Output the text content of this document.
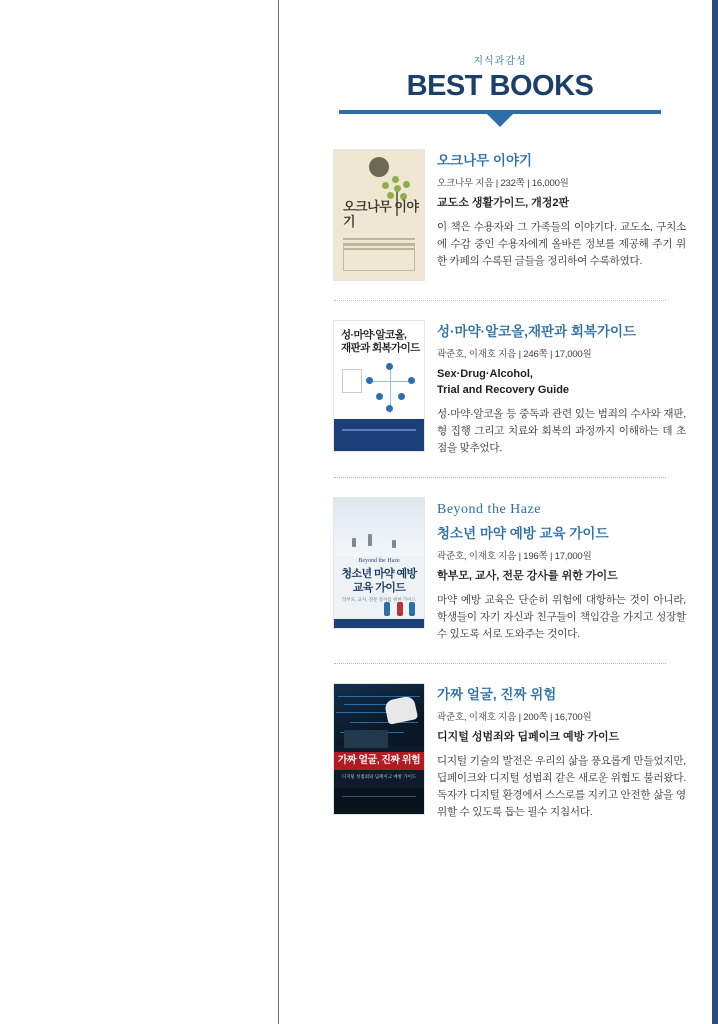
지식과감성
BEST BOOKS
오크나무 이야기
오크나무 이야기
오크나무 지음 | 232쪽 | 16,000원
교도소 생활가이드, 개정2판
이 책은 수용자와 그 가족들의 이야기다. 교도소, 구치소에 수감 중인 수용자에게 올바른 정보를 제공해 주기 위한 카페의 수록된 글들을 정리하여 수록하였다.
성·마약·알코올,
재판과 회복가이드
성·마약·알코올,재판과 회복가이드
곽준호, 이재호 지음 | 246쪽 | 17,000원
Sex·Drug·Alcohol,
Trial and Recovery Guide
성·마약·알코올 등 중독과 관련 있는 범죄의 수사와 재판, 형 집행 그리고 치료와 회복의 과정까지 이해하는 데 초점을 맞추었다.
Beyond the Haze
청소년 마약 예방
교육 가이드
학부모, 교사, 전문 강사를 위한 가이드
Beyond the Haze
청소년 마약 예방 교육 가이드
곽준호, 이재호 지음 | 196쪽 | 17,000원
학부모, 교사, 전문 강사를 위한 가이드
마약 예방 교육은 단순히 위험에 대항하는 것이 아니라, 학생들이 자기 자신과 친구들이 책임감을 가지고 성장할 수 있도록 서로 도와주는 것이다.
가짜 얼굴, 진짜 위험
디지털 성범죄와 딥페이크 예방 가이드
가짜 얼굴, 진짜 위험
곽준호, 이재호 지음 | 200쪽 | 16,700원
디지털 성범죄와 딥페이크 예방 가이드
디지털 기술의 발전은 우리의 삶을 풍요롭게 만들었지만, 딥페이크와 디지털 성범죄 같은 새로운 위협도 불러왔다. 독자가 디지털 환경에서 스스로를 지키고 안전한 삶을 영위할 수 있도록 돕는 필수 지침서다.
